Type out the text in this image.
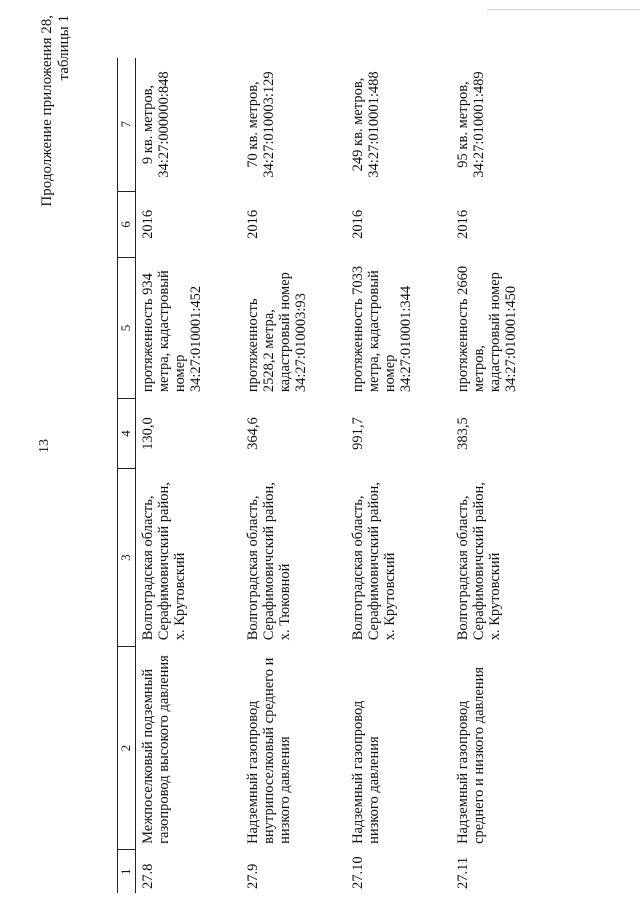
13
Продолжение приложения 28, таблицы 1
1	2	3	4	5	6	7
27.8	Межпоселковый подземный газопровод высокого давления	Волгоградская область, Серафимовичский район, х. Крутовский	130,0	протяженность 934 метра, кадастровый номер 34:27:010001:452	2016	9 кв. метров, 34:27:000000:848
27.9	Надземный газопровод внутрипоселковый среднего и низкого давления	Волгоградская область, Серафимовичский район, х. Тюковной	364,6	протяженность 2528,2 метра, кадастровый номер 34:27:010003:93	2016	70 кв. метров, 34:27:010003:129
27.10	Надземный газопровод низкого давления	Волгоградская область, Серафимовичский район, х. Крутовский	991,7	протяженность 7033 метра, кадастровый номер 34:27:010001:344	2016	249 кв. метров, 34:27:010001:488
27.11	Надземный газопровод среднего и низкого давления	Волгоградская область, Серафимовичский район, х. Крутовский	383,5	протяженность 2660 метров, кадастровый номер 34:27:010001:450	2016	95 кв. метров, 34:27:010001:489
